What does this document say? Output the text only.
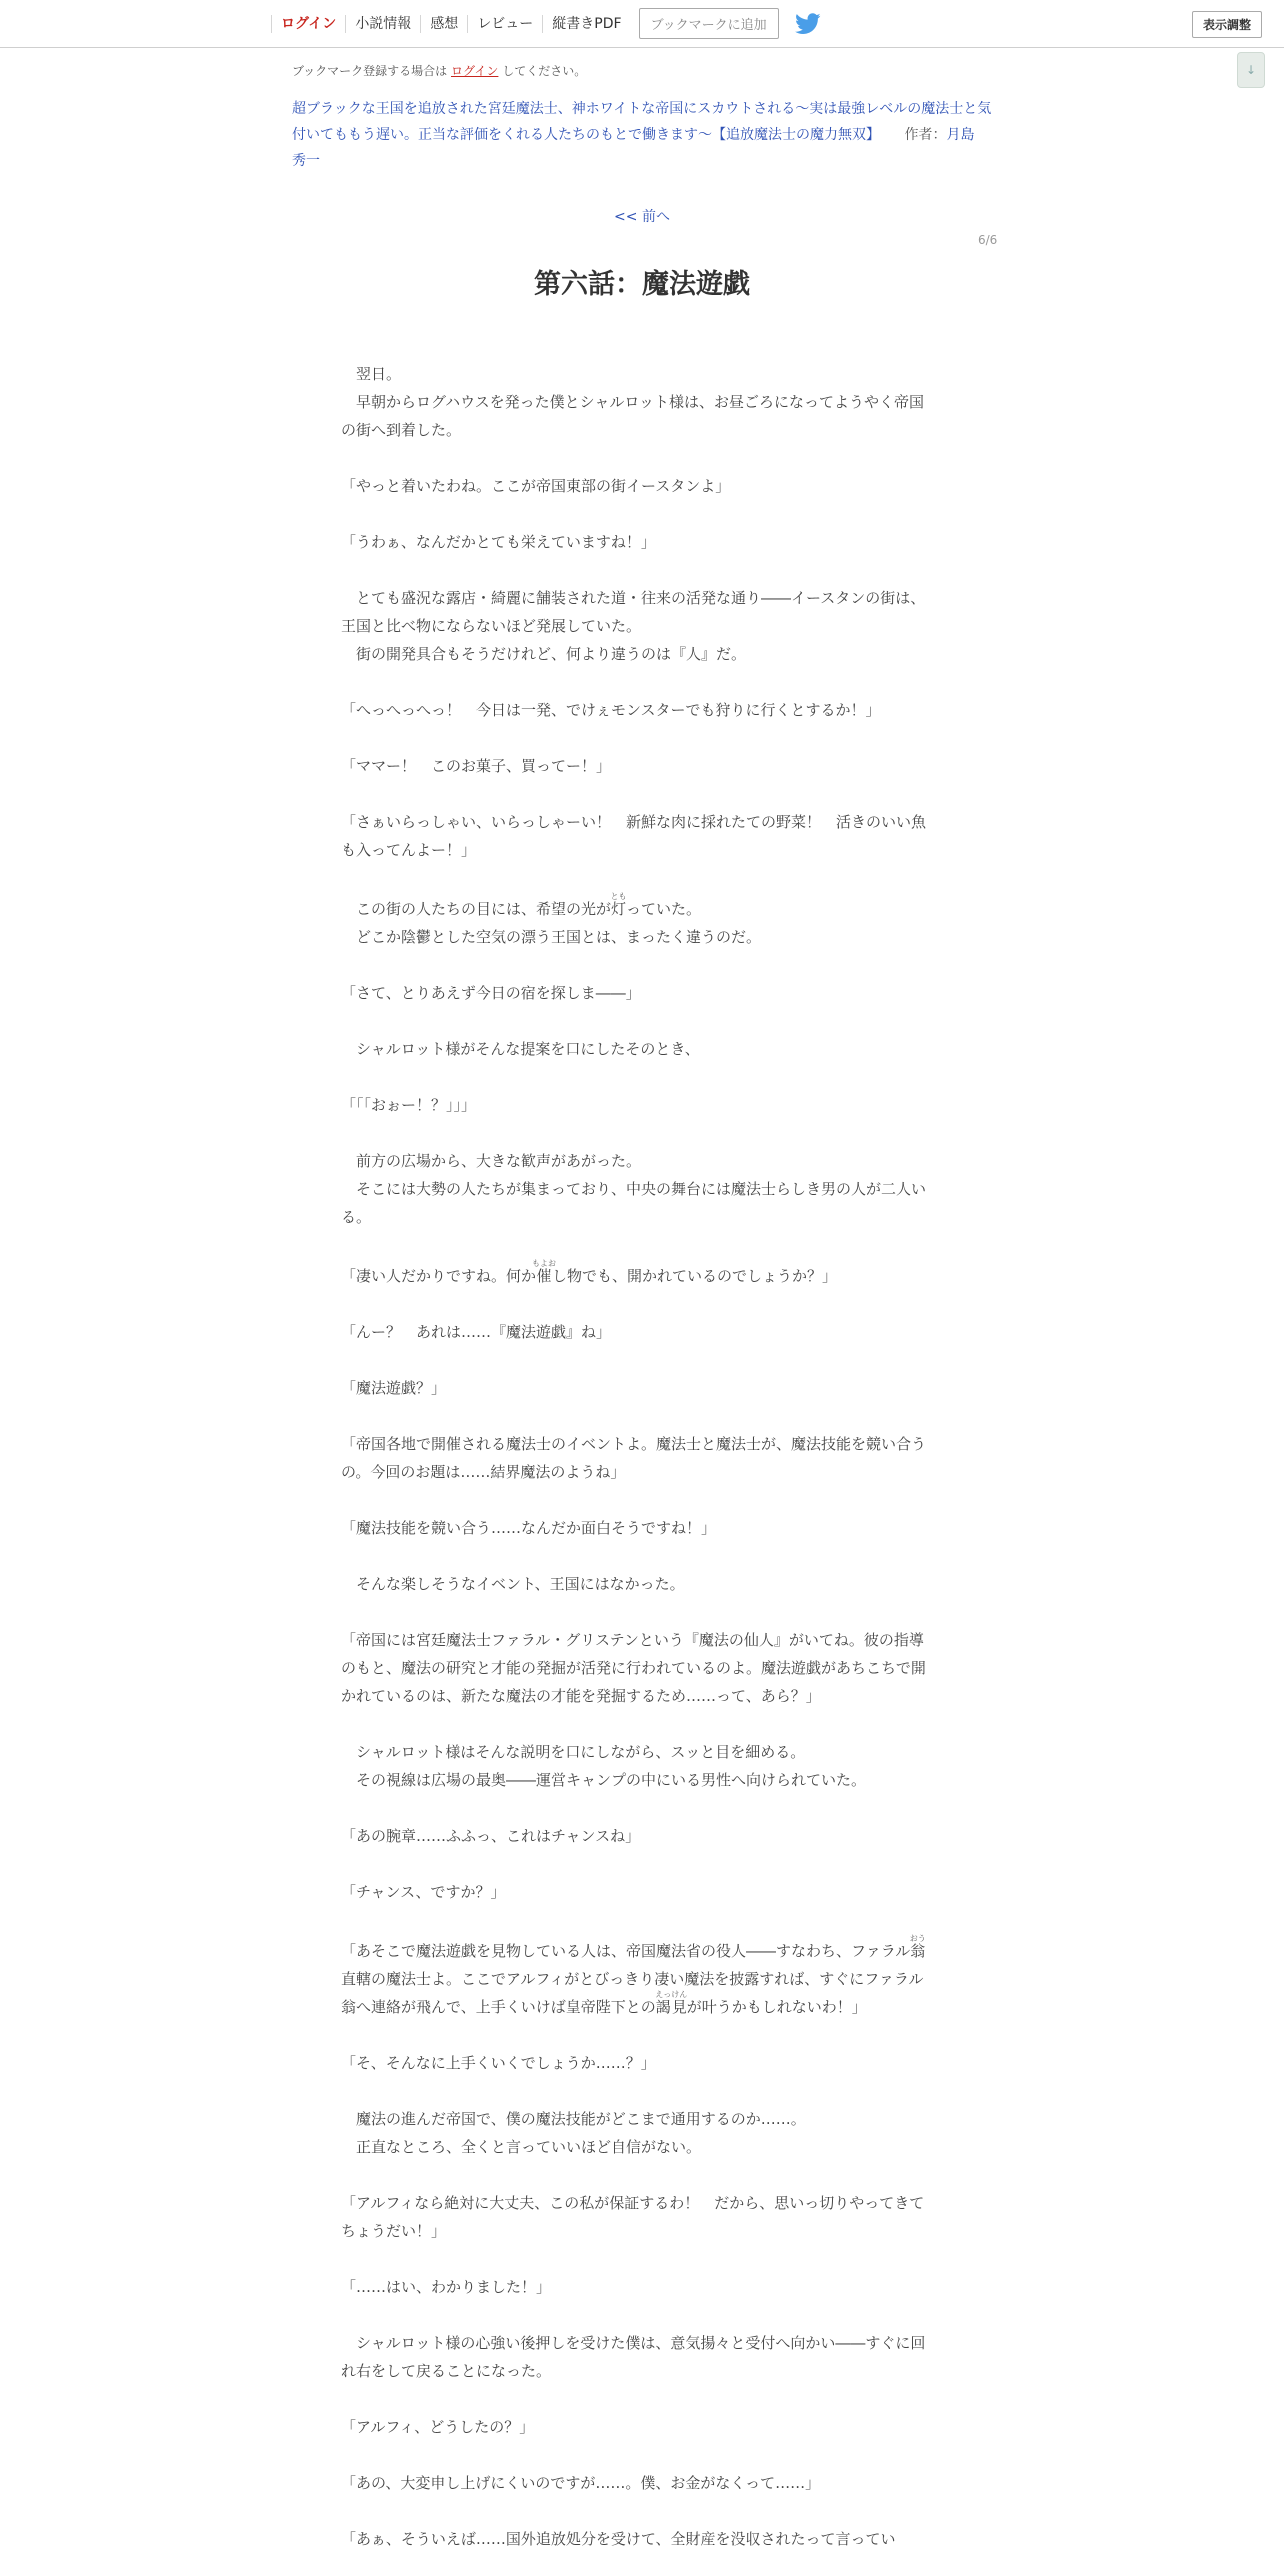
ログイン	小説情報	感想	レビュー	縦書きPDF	ブックマークに追加	表示調整
↓
ブックマーク登録する場合は ログイン してください。
超ブラックな王国を追放された宮廷魔法士、神ホワイトな帝国にスカウトされる～実は最強レベルの魔法士と気付いてももう遅い。正当な評価をくれる人たちのもとで働きます～【追放魔法士の魔力無双】 作者：月島 秀一
<< 前へ
6/6
第六話：魔法遊戯

　翌日。

　早朝からログハウスを発った僕とシャルロット様は、お昼ごろになってようやく帝国の街へ到着した。

「やっと着いたわね。ここが帝国東部の街イースタンよ」

「うわぁ、なんだかとても栄えていますね！」

　とても盛況な露店・綺麗に舗装された道・往来の活発な通り――イースタンの街は、王国と比べ物にならないほど発展していた。

　街の開発具合もそうだけれど、何より違うのは『人』だ。

「へっへっへっ！　今日は一発、でけぇモンスターでも狩りに行くとするか！」

「ママー！　このお菓子、買ってー！」

「さぁいらっしゃい、いらっしゃーい！　新鮮な肉に採れたての野菜！　活きのいい魚も入ってんよー！」

　この街の人たちの目には、希望の光が灯ともっていた。

　どこか陰鬱とした空気の漂う王国とは、まったく違うのだ。

「さて、とりあえず今日の宿を探しま――」

　シャルロット様がそんな提案を口にしたそのとき、

「「「おぉー！？」」」

　前方の広場から、大きな歓声があがった。

　そこには大勢の人たちが集まっており、中央の舞台には魔法士らしき男の人が二人いる。

「凄い人だかりですね。何か催もよおし物でも、開かれているのでしょうか？」

「んー？　あれは……『魔法遊戯』ね」

「魔法遊戯？」

「帝国各地で開催される魔法士のイベントよ。魔法士と魔法士が、魔法技能を競い合うの。今回のお題は……結界魔法のようね」

「魔法技能を競い合う……なんだか面白そうですね！」

　そんな楽しそうなイベント、王国にはなかった。

「帝国には宮廷魔法士ファラル・グリステンという『魔法の仙人』がいてね。彼の指導のもと、魔法の研究と才能の発掘が活発に行われているのよ。魔法遊戯があちこちで開かれているのは、新たな魔法の才能を発掘するため……って、あら？」

　シャルロット様はそんな説明を口にしながら、スッと目を細める。

　その視線は広場の最奥――運営キャンプの中にいる男性へ向けられていた。

「あの腕章……ふふっ、これはチャンスね」

「チャンス、ですか？」

「あそこで魔法遊戯を見物している人は、帝国魔法省の役人――すなわち、ファラル翁おう直轄の魔法士よ。ここでアルフィがとびっきり凄い魔法を披露すれば、すぐにファラル翁へ連絡が飛んで、上手くいけば皇帝陛下との謁見えっけんが叶うかもしれないわ！」

「そ、そんなに上手くいくでしょうか……？」

　魔法の進んだ帝国で、僕の魔法技能がどこまで通用するのか……。

　正直なところ、全くと言っていいほど自信がない。

「アルフィなら絶対に大丈夫、この私が保証するわ！　だから、思いっ切りやってきてちょうだい！」

「……はい、わかりました！」

　シャルロット様の心強い後押しを受けた僕は、意気揚々と受付へ向かい――すぐに回れ右をして戻ることになった。

「アルフィ、どうしたの？」

「あの、大変申し上げにくいのですが……。僕、お金がなくって……」

「あぁ、そういえば……国外追放処分を受けて、全財産を没収されたって言ってい
